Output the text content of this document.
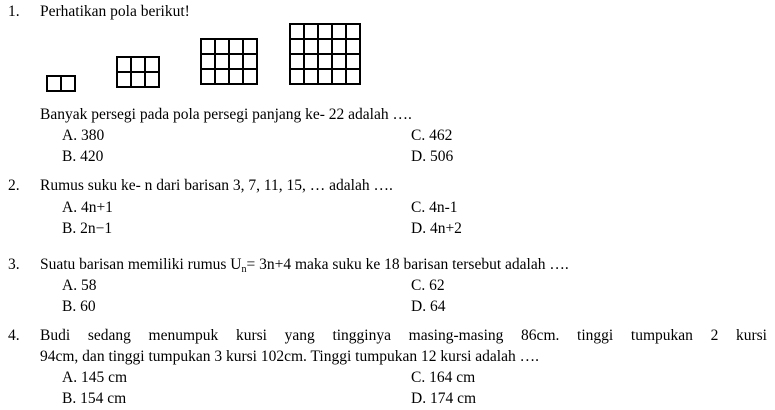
1. Perhatikan pola berikut!

Banyak persegi pada pola persegi panjang ke- 22 adalah ….
A. 380	C. 462
B. 420	D. 506
2. Rumus suku ke- n dari barisan 3, 7, 11, 15, … adalah ….
A. 4n+1	C. 4n-1
B. 2n−1	D. 4n+2
3. Suatu barisan memiliki rumus $U_n= 3n+4$ maka suku ke 18 barisan tersebut adalah ….
A. 58	C. 62
B. 60	D. 64
4. Budi sedang menumpuk kursi yang tingginya masing-masing 86cm. tinggi tumpukan 2 kursi
94cm, dan tinggi tumpukan 3 kursi 102cm. Tinggi tumpukan 12 kursi adalah ….
A. 145 cm	C. 164 cm
B. 154 cm	D. 174 cm
